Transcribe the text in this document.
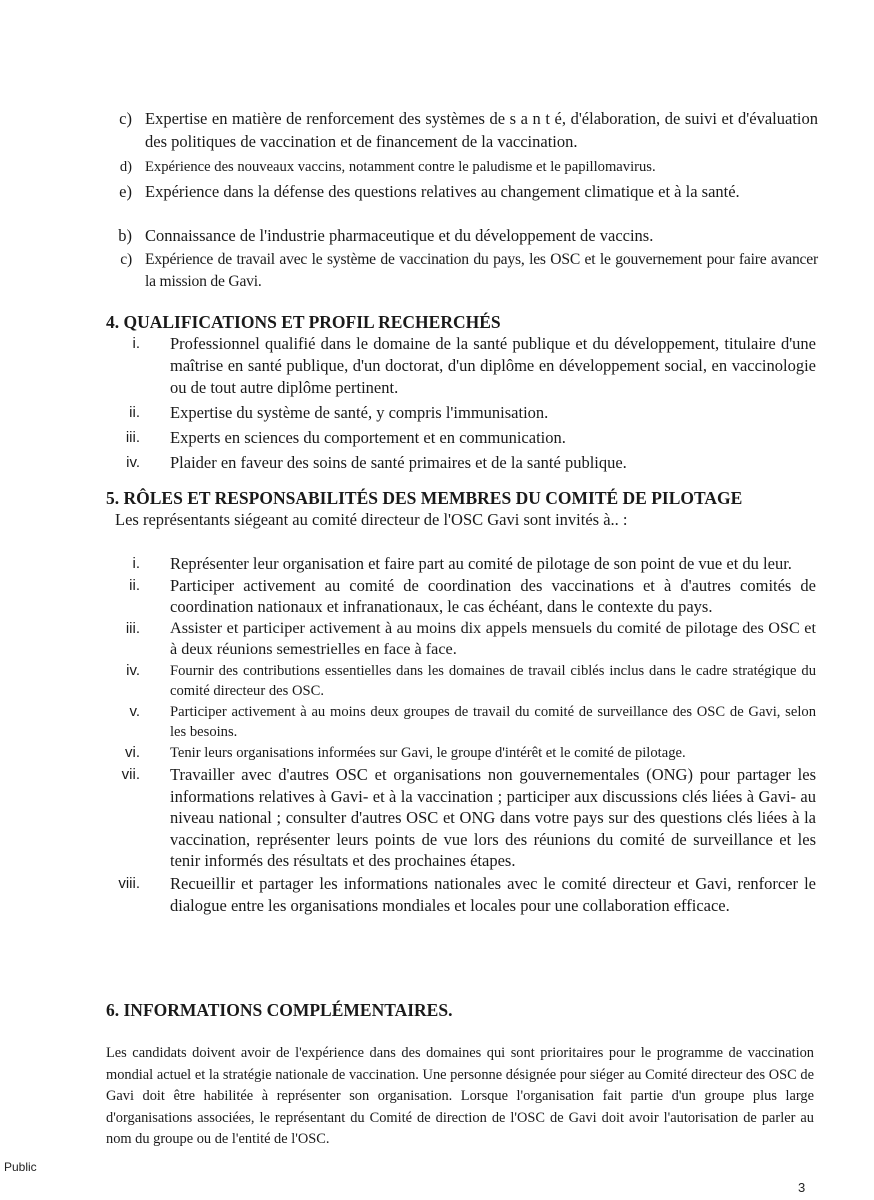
c) Expertise en matière de renforcement des systèmes de s a n t é, d'élaboration, de suivi et d'évaluation des politiques de vaccination et de financement de la vaccination.
d) Expérience des nouveaux vaccins, notamment contre le paludisme et le papillomavirus.
e) Expérience dans la défense des questions relatives au changement climatique et à la santé.
b) Connaissance de l'industrie pharmaceutique et du développement de vaccins.
c) Expérience de travail avec le système de vaccination du pays, les OSC et le gouvernement pour faire avancer la mission de Gavi.

4. QUALIFICATIONS ET PROFIL RECHERCHÉS

i. Professionnel qualifié dans le domaine de la santé publique et du développement, titulaire d'une maîtrise en santé publique, d'un doctorat, d'un diplôme en développement social, en vaccinologie ou de tout autre diplôme pertinent.
ii. Expertise du système de santé, y compris l'immunisation.
iii. Experts en sciences du comportement et en communication.
iv. Plaider en faveur des soins de santé primaires et de la santé publique.

5. RÔLES ET RESPONSABILITÉS DES MEMBRES DU COMITÉ DE PILOTAGE

Les représentants siégeant au comité directeur de l'OSC Gavi sont invités à.. :

i. Représenter leur organisation et faire part au comité de pilotage de son point de vue et du leur.
ii. Participer activement au comité de coordination des vaccinations et à d'autres comités de coordination nationaux et infranationaux, le cas échéant, dans le contexte du pays.
iii. Assister et participer activement à au moins dix appels mensuels du comité de pilotage des OSC et à deux réunions semestrielles en face à face.
iv. Fournir des contributions essentielles dans les domaines de travail ciblés inclus dans le cadre stratégique du comité directeur des OSC.
v. Participer activement à au moins deux groupes de travail du comité de surveillance des OSC de Gavi, selon les besoins.
vi. Tenir leurs organisations informées sur Gavi, le groupe d'intérêt et le comité de pilotage.
vii. Travailler avec d'autres OSC et organisations non gouvernementales (ONG) pour partager les informations relatives à Gavi- et à la vaccination ; participer aux discussions clés liées à Gavi- au niveau national ; consulter d'autres OSC et ONG dans votre pays sur des questions clés liées à la vaccination, représenter leurs points de vue lors des réunions du comité de surveillance et les tenir informés des résultats et des prochaines étapes.
viii. Recueillir et partager les informations nationales avec le comité directeur et Gavi, renforcer le dialogue entre les organisations mondiales et locales pour une collaboration efficace.

6. INFORMATIONS COMPLÉMENTAIRES.

Les candidats doivent avoir de l'expérience dans des domaines qui sont prioritaires pour le programme de vaccination mondial actuel et la stratégie nationale de vaccination. Une personne désignée pour siéger au Comité directeur des OSC de Gavi doit être habilitée à représenter son organisation. Lorsque l'organisation fait partie d'un groupe plus large d'organisations associées, le représentant du Comité de direction de l'OSC de Gavi doit avoir l'autorisation de parler au nom du groupe ou de l'entité de l'OSC.

Public
3
